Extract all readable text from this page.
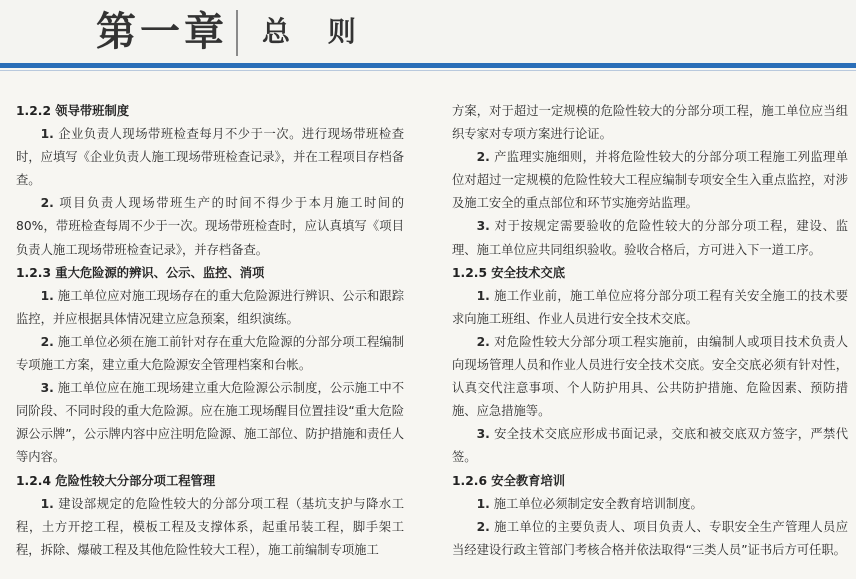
第一章 总 则
1.2.2 领导带班制度

1. 企业负责人现场带班检查每月不少于一次。进行现场带班检查时，应填写《企业负责人施工现场带班检查记录》，并在工程项目存档备查。

2. 项目负责人现场带班生产的时间不得少于本月施工时间的80%，带班检查每周不少于一次。现场带班检查时，应认真填写《项目负责人施工现场带班检查记录》，并存档备查。

1.2.3 重大危险源的辨识、公示、监控、消项

1. 施工单位应对施工现场存在的重大危险源进行辨识、公示和跟踪监控，并应根据具体情况建立应急预案，组织演练。

2. 施工单位必须在施工前针对存在重大危险源的分部分项工程编制专项施工方案，建立重大危险源安全管理档案和台帐。

3. 施工单位应在施工现场建立重大危险源公示制度，公示施工中不同阶段、不同时段的重大危险源。应在施工现场醒目位置挂设“重大危险源公示牌”，公示牌内容中应注明危险源、施工部位、防护措施和责任人等内容。

1.2.4 危险性较大分部分项工程管理

1. 建设部规定的危险性较大的分部分项工程（基坑支护与降水工程，土方开挖工程，模板工程及支撑体系，起重吊装工程，脚手架工程，拆除、爆破工程及其他危险性较大工程），施工前编制专项施工

方案，对于超过一定规模的危险性较大的分部分项工程，施工单位应当组织专家对专项方案进行论证。

2. 产监理实施细则，并将危险性较大的分部分项工程施工列监理单位对超过一定规模的危险性较大工程应编制专项安全生入重点监控，对涉及施工安全的重点部位和环节实施旁站监理。

3. 对于按规定需要验收的危险性较大的分部分项工程，建设、监理、施工单位应共同组织验收。验收合格后，方可进入下一道工序。

1.2.5 安全技术交底

1. 施工作业前，施工单位应将分部分项工程有关安全施工的技术要求向施工班组、作业人员进行安全技术交底。

2. 对危险性较大分部分项工程实施前，由编制人或项目技术负责人向现场管理人员和作业人员进行安全技术交底。安全交底必须有针对性，认真交代注意事项、个人防护用具、公共防护措施、危险因素、预防措施、应急措施等。

3. 安全技术交底应形成书面记录，交底和被交底双方签字，严禁代签。

1.2.6 安全教育培训

1. 施工单位必须制定安全教育培训制度。

2. 施工单位的主要负责人、项目负责人、专职安全生产管理人员应当经建设行政主管部门考核合格并依法取得“三类人员”证书后方可任职。
